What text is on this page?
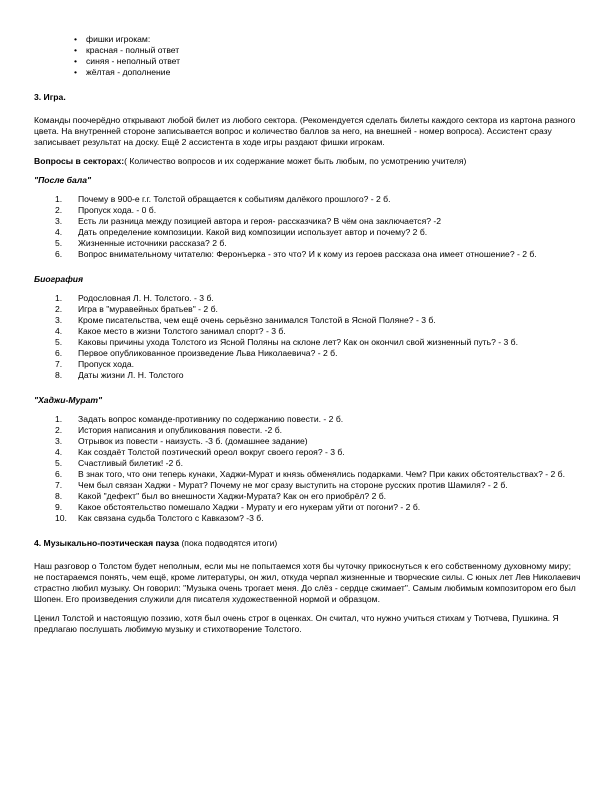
• фишки игрокам:
• красная - полный ответ
• синяя - неполный ответ
• жёлтая - дополнение

3. Игра.

Команды поочерёдно открывают любой билет из любого сектора. (Рекомендуется сделать билеты каждого сектора из картона разного цвета. На внутренней стороне записывается вопрос и количество баллов за него, на внешней - номер вопроса). Ассистент сразу записывает результат на доску. Ещё 2 ассистента в ходе игры раздают фишки игрокам.

Вопросы в секторах:( Количество вопросов и их содержание может быть любым, по усмотрению учителя)

"После бала"

1. Почему в 900-е г.г. Толстой обращается к событиям далёкого прошлого? - 2 б.
2. Пропуск хода. - 0 б.
3. Есть ли разница между позицией автора и героя- рассказчика? В чём она заключается? -2
4. Дать определение композиции. Какой вид композиции использует автор и почему? 2 б.
5. Жизненные источники рассказа? 2 б.
6. Вопрос внимательному читателю: Феронъерка - это что? И к кому из героев рассказа она имеет отношение? - 2 б.

Биография

1. Родословная Л. Н. Толстого. - 3 б.
2. Игра в "муравейных братьев" - 2 б.
3. Кроме писательства, чем ещё очень серьёзно занимался Толстой в Ясной Поляне? - 3 б.
4. Какое место в жизни Толстого занимал спорт? - 3 б.
5. Каковы причины ухода Толстого из Ясной Поляны на склоне лет? Как он окончил свой жизненный путь? - 3 б.
6. Первое опубликованное произведение Льва Николаевича? - 2 б.
7. Пропуск хода.
8. Даты жизни Л. Н. Толстого

"Хаджи-Мурат"

1. Задать вопрос команде-противнику по содержанию повести. - 2 б.
2. История написания и опубликования повести. -2 б.
3. Отрывок из повести - наизусть. -3 б. (домашнее задание)
4. Как создаёт Толстой поэтический ореол вокруг своего героя? - 3 б.
5. Счастливый билетик! -2 б.
6. В знак того, что они теперь кунаки, Хаджи-Мурат и князь обменялись подарками. Чем? При каких обстоятельствах? - 2 б.
7. Чем был связан Хаджи - Мурат? Почему не мог сразу выступить на стороне русских против Шамиля? - 2 б.
8. Какой "дефект" был во внешности Хаджи-Мурата? Как он его приобрёл? 2 б.
9. Какое обстоятельство помешало Хаджи - Мурату и его нукерам уйти от погони? - 2 б.
10. Как связана судьба Толстого с Кавказом? -3 б.

4. Музыкально-поэтическая пауза (пока подводятся итоги)

Наш разговор о Толстом будет неполным, если мы не попытаемся хотя бы чуточку прикоснуться к его собственному духовному миру; не постараемся понять, чем ещё, кроме литературы, он жил, откуда черпал жизненные и творческие силы. С юных лет Лев Николаевич страстно любил музыку. Он говорил: "Музыка очень трогает меня. До слёз - сердце сжимает". Самым любимым композитором его был Шопен. Его произведения служили для писателя художественной нормой и образцом.

Ценил Толстой и настоящую поэзию, хотя был очень строг в оценках. Он считал, что нужно учиться стихам у Тютчева, Пушкина. Я предлагаю послушать любимую музыку и стихотворение Толстого.
